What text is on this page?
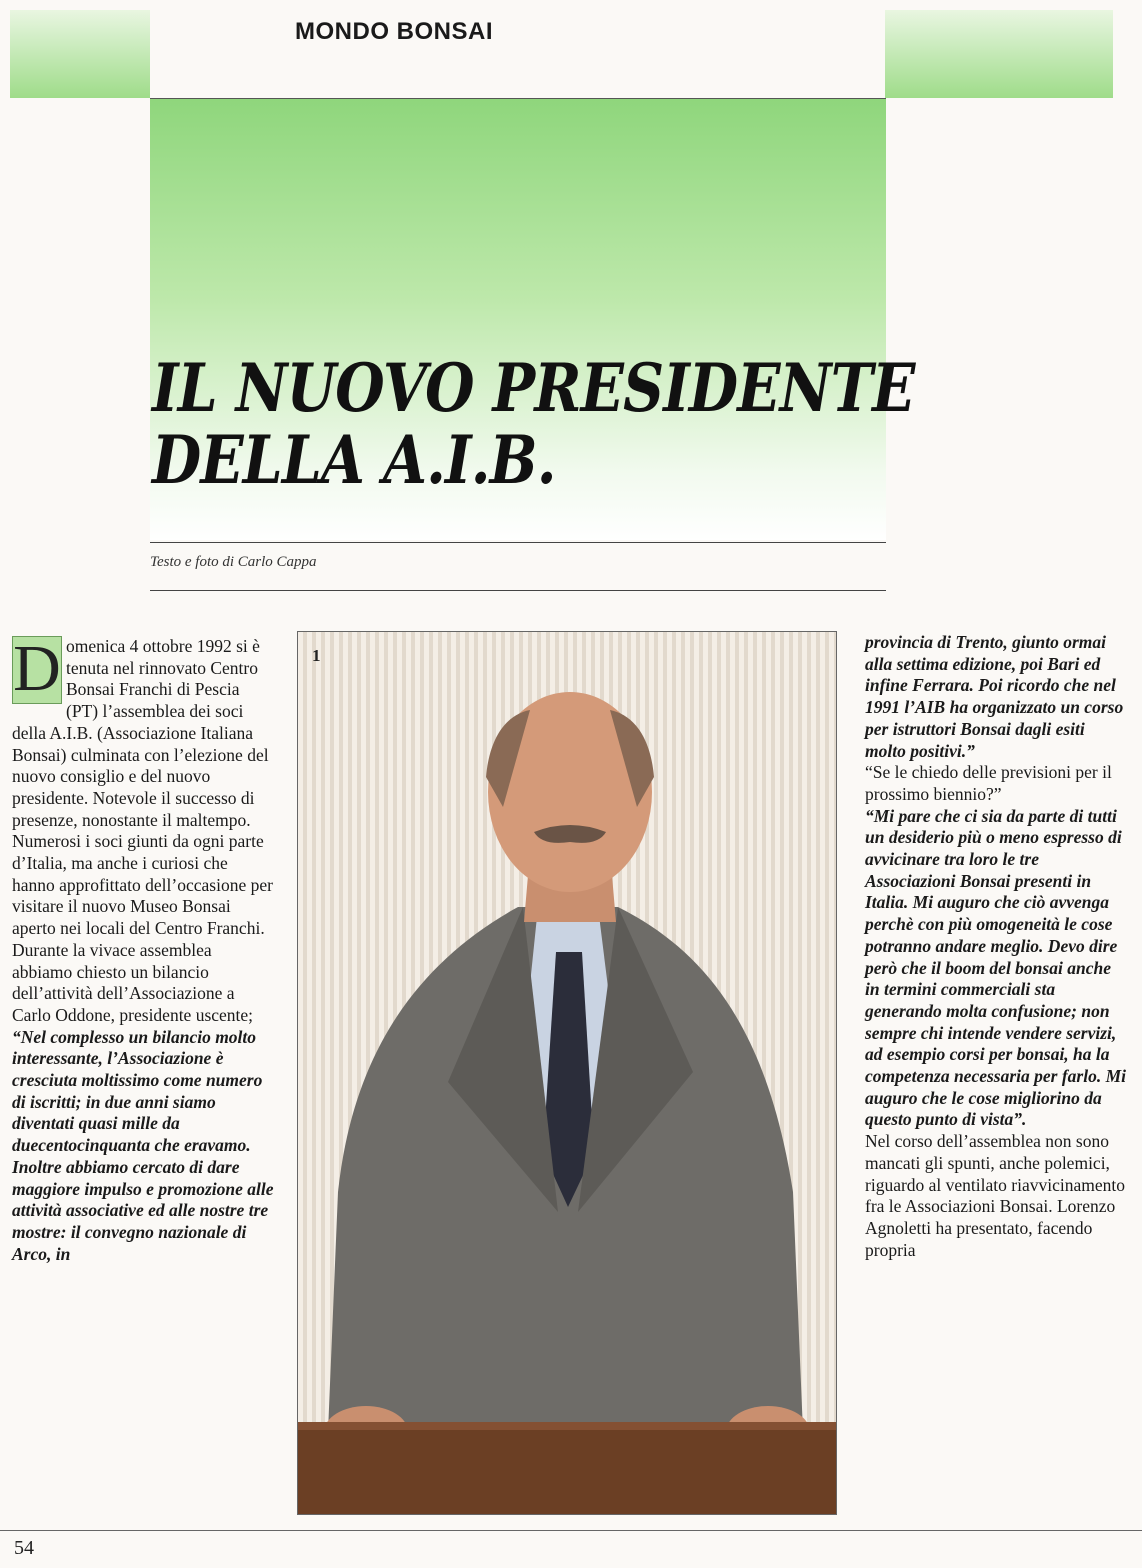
MONDO BONSAI
IL NUOVO PRESIDENTE
DELLA A.I.B.
Testo e foto di Carlo Cappa

D omenica 4 ottobre 1992 si è tenuta nel rinnovato Centro Bonsai Franchi di Pescia (PT) l’assemblea dei soci della A.I.B. (Associazione Italiana Bonsai) culminata con l’elezione del nuovo consiglio e del nuovo presidente. Notevole il successo di presenze, nonostante il maltempo. Numerosi i soci giunti da ogni parte d’Italia, ma anche i curiosi che hanno approfittato dell’occasione per visitare il nuovo Museo Bonsai aperto nei locali del Centro Franchi.

Durante la vivace assemblea abbiamo chiesto un bilancio dell’attività dell’Associazione a Carlo Oddone, presidente uscente;

“Nel complesso un bilancio molto interessante, l’Associazione è cresciuta moltissimo come numero di iscritti; in due anni siamo diventati quasi mille da duecentocinquanta che eravamo. Inoltre abbiamo cercato di dare maggiore impulso e promozione alle attività associative ed alle nostre tre mostre: il convegno nazionale di Arco, in

1

provincia di Trento, giunto ormai alla settima edizione, poi Bari ed infine Ferrara. Poi ricordo che nel 1991 l’AIB ha organizzato un corso per istruttori Bonsai dagli esiti molto positivi.”

“Se le chiedo delle previsioni per il prossimo biennio?”

“Mi pare che ci sia da parte di tutti un desiderio più o meno espresso di avvicinare tra loro le tre Associazioni Bonsai presenti in Italia. Mi auguro che ciò avvenga perchè con più omogeneità le cose potranno andare meglio. Devo dire però che il boom del bonsai anche in termini commerciali sta generando molta confusione; non sempre chi intende vendere servizi, ad esempio corsi per bonsai, ha la competenza necessaria per farlo. Mi auguro che le cose migliorino da questo punto di vista”.

Nel corso dell’assemblea non sono mancati gli spunti, anche polemici, riguardo al ventilato riavvicinamento fra le Associazioni Bonsai. Lorenzo Agnoletti ha presentato, facendo propria

54
